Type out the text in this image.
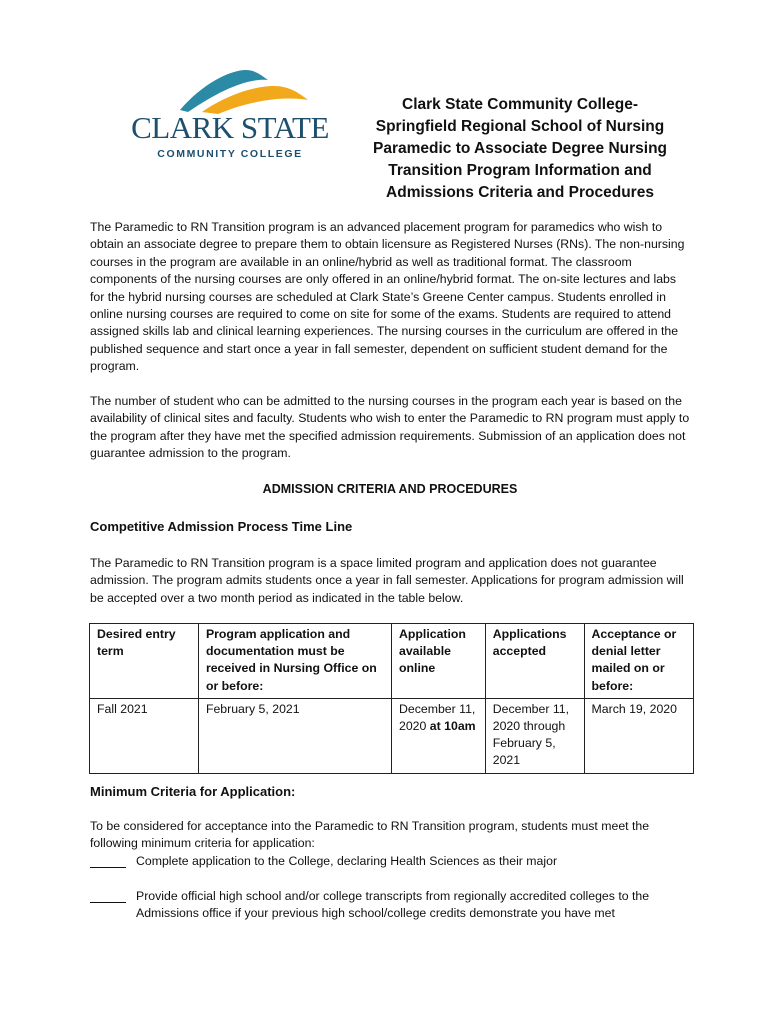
CLARK STATE
COMMUNITY COLLEGE
Clark State Community College-
Springfield Regional School of Nursing
Paramedic to Associate Degree Nursing
Transition Program Information and
Admissions Criteria and Procedures

The Paramedic to RN Transition program is an advanced placement program for paramedics who wish to obtain an associate degree to prepare them to obtain licensure as Registered Nurses (RNs). The non-nursing courses in the program are available in an online/hybrid as well as traditional format. The classroom components of the nursing courses are only offered in an online/hybrid format. The on-site lectures and labs for the hybrid nursing courses are scheduled at Clark State’s Greene Center campus. Students enrolled in online nursing courses are required to come on site for some of the exams. Students are required to attend assigned skills lab and clinical learning experiences. The nursing courses in the curriculum are offered in the published sequence and start once a year in fall semester, dependent on sufficient student demand for the program.

The number of student who can be admitted to the nursing courses in the program each year is based on the availability of clinical sites and faculty. Students who wish to enter the Paramedic to RN program must apply to the program after they have met the specified admission requirements. Submission of an application does not guarantee admission to the program.

ADMISSION CRITERIA AND PROCEDURES
Competitive Admission Process Time Line

The Paramedic to RN Transition program is a space limited program and application does not guarantee admission. The program admits students once a year in fall semester. Applications for program admission will be accepted over a two month period as indicated in the table below.

Desired entry term	Program application and documentation must be received in Nursing Office on or before:	Application available online	Applications accepted	Acceptance or denial letter mailed on or before:
Fall 2021	February 5, 2021	December 11, 2020 at 10am	December 11, 2020 through February 5, 2021	March 19, 2020
Minimum Criteria for Application:

To be considered for acceptance into the Paramedic to RN Transition program, students must meet the following minimum criteria for application:

Complete application to the College, declaring Health Sciences as their major
Provide official high school and/or college transcripts from regionally accredited colleges to the Admissions office if your previous high school/college credits demonstrate you have met
